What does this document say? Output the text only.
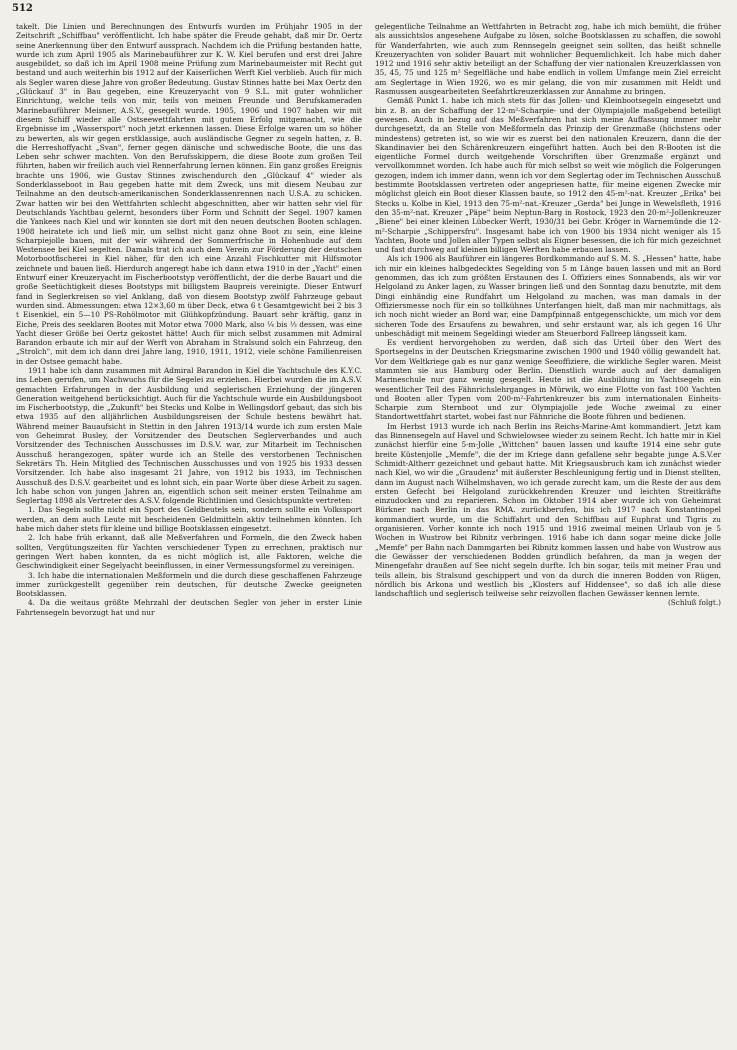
512

takelt. Die Linien und Berechnungen des Entwurfs wurden im Frühjahr 1905 in der Zeitschrift „Schiffbau" veröffentlicht. Ich habe später die Freude gehabt, daß mir Dr. Oertz seine Anerkennung über den Entwurf aussprach. Nachdem ich die Prüfung bestanden hatte, wurde ich zum April 1905 als Marinebauführer zur K. W. Kiel berufen und erst drei Jahre ausgebildet, so daß ich im April 1908 meine Prüfung zum Marinebaumeister mit Recht gut bestand und auch weiterhin bis 1912 auf der Kaiserlichen Werft Kiel verblieb. Auch für mich als Segler waren diese Jahre von großer Bedeutung. Gustav Stinnes hatte bei Max Oertz den „Glückauf 3" in Bau gegeben, eine Kreuzeryacht von 9 S.L. mit guter wohnlicher Einrichtung, welche teils von mir, teils von meinen Freunde und Berufskameraden Marinebauführer Meisner, A.S.V., gesegelt wurde. 1905, 1906 und 1907 haben wir mit diesem Schiff wieder alle Ostseewettfahrten mit gutem Erfolg mitgemacht, wie die Ergebnisse im „Wassersport" noch jetzt erkennen lassen. Diese Erfolge waren um so höher zu bewerten, als wir gegen erstklassige, auch ausländische Gegner zu segeln hatten, z. B. die Herreshoffyacht „Svan", ferner gegen dänische und schwedische Boote, die uns das Leben sehr schwer machten. Von den Berufsskippern, die diese Boote zum großen Teil führten, haben wir freilich auch viel Rennerfahrung lernen können. Ein ganz großes Ereignis brachte uns 1906, wie Gustav Stinnes zwischendurch den „Glückauf 4" wieder als Sonderklasseboot in Bau gegeben hatte mit dem Zweck, uns mit diesem Neubau zur Teilnahme an den deutsch-amerikanischen Sonderklassenrennen nach U.S.A. zu schicken. Zwar hatten wir bei den Wettfahrten schlecht abgeschnitten, aber wir hatten sehr viel für Deutschlands Yachtbau gelernt, besonders über Form und Schnitt der Segel. 1907 kamen die Yankees nach Kiel und wir konnten sie dort mit den neuen deutschen Booten schlagen. 1908 heiratete ich und ließ mir, um selbst nicht ganz ohne Boot zu sein, eine kleine Scharpiejolle bauen, mit der wir während der Sommerfrische in Hohenhude auf dem Westensee bei Kiel segelten. Damals trat ich auch dem Verein zur Förderung der deutschen Motorbootfischerei in Kiel näher, für den ich eine Anzahl Fischkutter mit Hilfsmotor zeichnete und bauen ließ. Hierdurch angeregt habe ich dann etwa 1910 in der „Yacht" einen Entwurf einer Kreuzeryacht im Fischerbootstyp veröffentlicht, der die derbe Bauart und die große Seetüchtigkeit dieses Bootstyps mit billigstem Baupreis vereinigte. Dieser Entwurf fand in Seglerkreisen so viel Anklang, daß von diesem Bootstyp zwölf Fahrzeuge gebaut wurden sind. Abmessungen: etwa 12×3,60 m über Deck, etwa 6 t Gesamtgewicht bei 2 bis 3 t Eisenkiel, ein 5—10 PS-Rohölmotor mit Glühkopfzündung. Bauart sehr kräftig, ganz in Eiche, Preis des seeklaren Bootes mit Motor etwa 7000 Mark, also ¼ bis ⅓ dessen, was eine Yacht dieser Größe bei Oertz gekostet hätte! Auch für mich selbst zusammen mit Admiral Barandon erbaute ich mir auf der Werft von Abraham in Stralsund solch ein Fahrzeug, den „Strolch", mit dem ich dann drei Jahre lang, 1910, 1911, 1912, viele schöne Familienreisen in der Ostsee gemacht habe.

1911 habe ich dann zusammen mit Admiral Barandon in Kiel die Yachtschule des K.Y.C. ins Leben gerufen, um Nachwuchs für die Segelei zu erziehen. Hierbei wurden die im A.S.V. gemachten Erfahrungen in der Ausbildung und seglerischen Erziehung der jüngeren Generation weitgehend berücksichtigt. Auch für die Yachtschule wurde ein Ausbildungsboot im Fischerbootstyp, die „Zukunft" bei Stecks und Kolbe in Wellingsdorf gebaut, das sich bis etwa 1935 auf den alljährlichen Ausbildungsreisen der Schule bestens bewährt hat. Während meiner Bauaufsicht in Stettin in den Jahren 1913/14 wurde ich zum ersten Male von Geheimrat Busley, der Vorsitzender des Deutschen Seglerverbandes und auch Vorsitzender des Technischen Ausschusses im D.S.V. war, zur Mitarbeit im Technischen Ausschuß herangezogen, später wurde ich an Stelle des verstorbenen Technischen Sekretärs Th. Hein Mitglied des Technischen Ausschusses und von 1925 bis 1933 dessen Vorsitzender. Ich habe also insgesamt 21 Jahre, von 1912 bis 1933, im Technischen Ausschuß des D.S.V. gearbeitet und es lohnt sich, ein paar Worte über diese Arbeit zu sagen. Ich habe schon von jungen Jahren an, eigentlich schon seit meiner ersten Teilnahme am Seglertag 1898 als Vertreter des A.S.V. folgende Richtlinien und Gesichtspunkte vertreten:

1. Das Segeln sollte nicht ein Sport des Geldbeutels sein, sondern sollte ein Volkssport werden, an dem auch Leute mit bescheidenen Geldmitteln aktiv teilnehmen könnten. Ich habe mich daher stets für kleine und billige Bootsklassen eingesetzt.

2. Ich habe früh erkannt, daß alle Meßverfahren und Formeln, die den Zweck haben sollten, Vergütungszeiten für Yachten verschiedener Typen zu errechnen, praktisch nur geringen Wert haben konnten, da es nicht möglich ist, alle Faktoren, welche die Geschwindigkeit einer Segelyacht beeinflussen, in einer Vermessungsformel zu vereinigen.

3. Ich habe die internationalen Meßformeln und die durch diese geschaffenen Fahrzeuge immer zurückgestellt gegenüber rein deutschen, für deutsche Zwecke geeigneten Bootsklassen.

4. Da die weitaus größte Mehrzahl der deutschen Segler von jeher in erster Linie Fahrtensegeln bevorzugt hat und nur

gelegentliche Teilnahme an Wettfahrten in Betracht zog, habe ich mich bemüht, die früher als aussichtslos angesehene Aufgabe zu lösen, solche Bootsklassen zu schaffen, die sowohl für Wanderfahrten, wie auch zum Rennsegeln geeignet sein sollten, das heißt schnelle Kreuzeryachten von solider Bauart mit wohnlicher Bequemlichkeit. Ich habe mich daher 1912 und 1916 sehr aktiv beteiligt an der Schaffung der vier nationalen Kreuzerklassen von 35, 45, 75 und 125 m² Segelfläche und habe endlich in vollem Umfange mein Ziel erreicht am Seglertage in Wien 1926, wo es mir gelang, die von mir zusammen mit Heldt und Rasmussen ausgearbeiteten Seefahrtkreuzerklassen zur Annahme zu bringen.

Gemäß Punkt 1. habe ich mich stets für das Jollen- und Kleinbootsegeln eingesetzt und bin z. B. an der Schaffung der 12-m²-Scharpie- und der Olympiajolle maßgebend beteiligt gewesen. Auch in bezug auf das Meßverfahren hat sich meine Auffassung immer mehr durchgesetzt, da an Stelle von Meßformeln das Prinzip der Grenzmaße (höchstens oder mindestens) getreten ist, so wie wir es zuerst bei den nationalen Kreuzern, dann die der Skandinavier bei den Schärenkreuzern eingeführt hatten. Auch bei den R-Booten ist die eigentliche Formel durch weitgehende Vorschriften über Grenzmaße ergänzt und vervollkommnet worden. Ich habe auch für mich selbst so weit wie möglich die Folgerungen gezogen, indem ich immer dann, wenn ich vor dem Seglertag oder im Technischen Ausschuß bestimmte Bootsklassen vertreten oder angepriesen hatte, für meine eigenen Zwecke mir möglichst gleich ein Boot dieser Klassen baute, so 1912 den 45-m²-nat. Kreuzer „Erika" bei Stecks u. Kolbe in Kiel, 1913 den 75-m²-nat.-Kreuzer „Gerda" bei Junge in Wewelsfleth, 1916 den 35-m²-nat. Kreuzer „Päpe" beim Neptun-Barg in Rostock, 1923 den 20-m²-Jollenkreuzer „Biene" bei einer kleinen Lübecker Werft, 1930/31 bei Gebr. Kröger in Warnemünde die 12-m²-Scharpie „Schippersfru". Insgesamt habe ich von 1900 bis 1934 nicht weniger als 15 Yachten, Boote und Jollen aller Typen selbst als Eigner besessen, die ich für mich gezeichnet und fast durchweg auf kleinen billigen Werften habe erbauen lassen.

Als ich 1906 als Bauführer ein längeres Bordkommando auf S. M. S. „Hessen" hatte, habe ich mir ein kleines halbgedecktes Segelding von 5 m Länge bauen lassen und mit an Bord genommen, das ich zum größten Erstaunen des I. Offiziers eines Sonnabends, als wir vor Helgoland zu Anker lagen, zu Wasser bringen ließ und den Sonntag dazu benutzte, mit dem Dingi einhändig eine Rundfahrt um Helgoland zu machen, was man damals in der Offiziersmesse noch für ein so tollkühnes Unterfangen hielt, daß man mir nachmittags, als ich noch nicht wieder an Bord war, eine Dampfpinnaß entgegenschickte, um mich vor dem sicheren Tode des Ersaufens zu bewahren, und sehr erstaunt war, als ich gegen 16 Uhr unbeschädigt mit meinem Segeldingi wieder am Steuerbord Fallreep längsseit kam.

Es verdient hervorgehoben zu werden, daß sich das Urteil über den Wert des Sportsegelns in der Deutschen Kriegsmarine zwischen 1900 und 1940 völlig gewandelt hat. Vor dem Weltkriege gab es nur ganz wenige Seeoffiziere, die wirkliche Segler waren. Meist stammten sie aus Hamburg oder Berlin. Dienstlich wurde auch auf der damaligen Marineschule nur ganz wenig gesegelt. Heute ist die Ausbildung im Yachtsegeln ein wesentlicher Teil des Fähnrichslehrganges in Mürwik, wo eine Flotte von fast 100 Yachten und Booten aller Typen vom 200-m²-Fahrtenkreuzer bis zum internationalen Einheits-Scharpie zum Sternboot und zur Olympiajolle jede Woche zweimal zu einer Standortwettfahrt startet, wobei fast nur Fähnriche die Boote führen und bedienen.

Im Herbst 1913 wurde ich nach Berlin ins Reichs-Marine-Amt kommandiert. Jetzt kam das Binnensegeln auf Havel und Schwielowsee wieder zu seinem Recht. Ich hatte mir in Kiel zunächst hierfür eine 5-m-Jolle „Wittchen" bauen lassen und kaufte 1914 eine sehr gute breite Küstenjolle „Memfe", die der im Kriege dann gefallene sehr begabte junge A.S.V.er Schmidt-Altherr gezeichnet und gebaut hatte. Mit Kriegsausbruch kam ich zunächst wieder nach Kiel, wo wir die „Graudenz" mit äußerster Beschleunigung fertig und in Dienst stellten, dann im August nach Wilhelmshaven, wo ich gerade zurecht kam, um die Reste der aus dem ersten Gefecht bei Helgoland zurückkehrenden Kreuzer und leichten Streitkräfte einzudocken und zu reparieren. Schon im Oktober 1914 aber wurde ich von Geheimrat Bürkner nach Berlin in das RMA. zurückberufen, bis ich 1917 nach Konstantinopel kommandiert wurde, um die Schiffahrt und den Schiffbau auf Euphrat und Tigris zu organisieren. Vorher konnte ich noch 1915 und 1916 zweimal meinen Urlaub von je 5 Wochen in Wustrow bei Ribnitz verbringen. 1916 habe ich dann sogar meine dicke Jolle „Memfe" per Bahn nach Dammgarten bei Ribnitz kommen lassen und habe von Wustrow aus die Gewässer der verschiedenen Bodden gründlich befahren, da man ja wegen der Minengefahr draußen auf See nicht segeln durfte. Ich bin sogar, teils mit meiner Frau und teils allein, bis Stralsund geschippert und von da durch die inneren Bodden von Rügen, nördlich bis Arkona und westlich bis „Klosters auf Hiddensee", so daß ich alle diese landschaftlich und seglerisch teilweise sehr reizvollen flachen Gewässer kennen lernte.

(Schluß folgt.)
